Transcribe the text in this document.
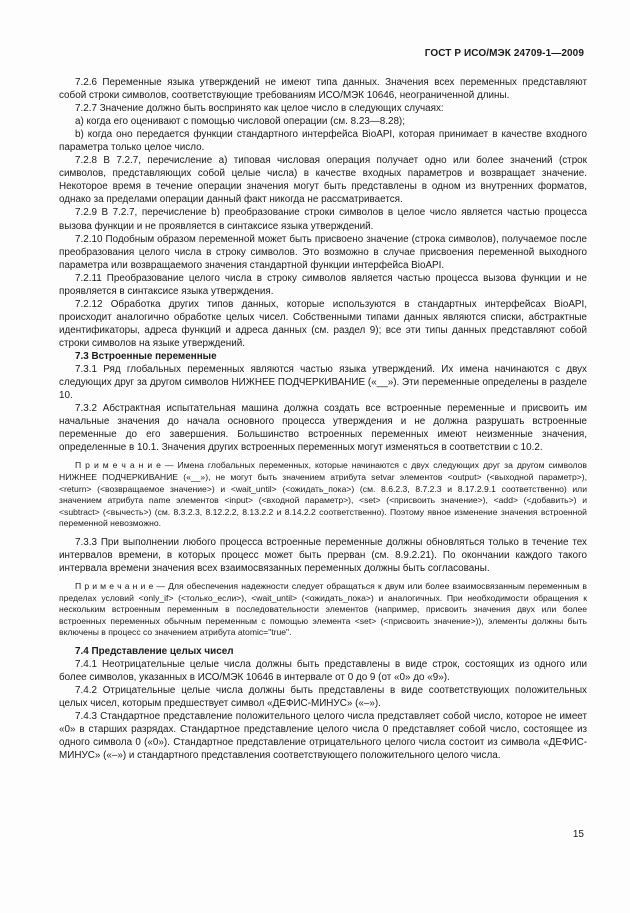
ГОСТ Р ИСО/МЭК 24709-1—2009

7.2.6 Переменные языка утверждений не имеют типа данных. Значения всех переменных представляют собой строки символов, соответствующие требованиям ИСО/МЭК 10646, неограниченной длины.

7.2.7 Значение должно быть воспринято как целое число в следующих случаях:

a) когда его оценивают с помощью числовой операции (см. 8.23—8.28);

b) когда оно передается функции стандартного интерфейса BioAPI, которая принимает в качестве входного параметра только целое число.

7.2.8 В 7.2.7, перечисление а) типовая числовая операция получает одно или более значений (строк символов, представляющих собой целые числа) в качестве входных параметров и возвращает значение. Некоторое время в течение операции значения могут быть представлены в одном из внутренних форматов, однако за пределами операции данный факт никогда не рассматривается.

7.2.9 В 7.2.7, перечисление b) преобразование строки символов в целое число является частью процесса вызова функции и не проявляется в синтаксисе языка утверждений.

7.2.10 Подобным образом переменной может быть присвоено значение (строка символов), получаемое после преобразования целого числа в строку символов. Это возможно в случае присвоения переменной выходного параметра или возвращаемого значения стандартной функции интерфейса BioAPI.

7.2.11 Преобразование целого числа в строку символов является частью процесса вызова функции и не проявляется в синтаксисе языка утверждения.

7.2.12 Обработка других типов данных, которые используются в стандартных интерфейсах BioAPI, происходит аналогично обработке целых чисел. Собственными типами данных являются списки, абстрактные идентификаторы, адреса функций и адреса данных (см. раздел 9); все эти типы данных представляют собой строки символов на языке утверждений.

7.3 Встроенные переменные

7.3.1 Ряд глобальных переменных являются частью языка утверждений. Их имена начинаются с двух следующих друг за другом символов НИЖНЕЕ ПОДЧЕРКИВАНИЕ («__»). Эти переменные определены в разделе 10.

7.3.2 Абстрактная испытательная машина должна создать все встроенные переменные и присвоить им начальные значения до начала основного процесса утверждения и не должна разрушать встроенные переменные до его завершения. Большинство встроенных переменных имеют неизменные значения, определенные в 10.1. Значения других встроенных переменных могут изменяться в соответствии с 10.2.

П р и м е ч а н и е — Имена глобальных переменных, которые начинаются с двух следующих друг за другом символов НИЖНЕЕ ПОДЧЕРКИВАНИЕ («__»), не могут быть значением атрибута setvar элементов <output> (<выходной параметр>), <return> (<возвращаемое значение>) и <wait_until> (<ожидать_пока>) (см. 8.6.2.3, 8.7.2.3 и 8.17.2.9.1 соответственно) или значением атрибута name элементов <input> (<входной параметр>), <set> (<присвоить значение>), <add> (<добавить>) и <subtract> (<вычесть>) (см. 8.3.2.3, 8.12.2.2, 8.13.2.2 и 8.14.2.2 соответственно). Поэтому явное изменение значения встроенной переменной невозможно.

7.3.3 При выполнении любого процесса встроенные переменные должны обновляться только в течение тех интервалов времени, в которых процесс может быть прерван (см. 8.9.2.21). По окончании каждого такого интервала времени значения всех взаимосвязанных переменных должны быть согласованы.

П р и м е ч а н и е — Для обеспечения надежности следует обращаться к двум или более взаимосвязанным переменным в пределах условий <only_if> (<только_если>), <wait_until> (<ожидать_пока>) и аналогичных. При необходимости обращения к нескольким встроенным переменным в последовательности элементов (например, присвоить значения двух или более встроенных переменных обычным переменным с помощью элемента <set> (<присвоить значение>)), элементы должны быть включены в процесс со значением атрибута atomic="true".

7.4 Представление целых чисел

7.4.1 Неотрицательные целые числа должны быть представлены в виде строк, состоящих из одного или более символов, указанных в ИСО/МЭК 10646 в интервале от 0 до 9 (от «0» до «9»).

7.4.2 Отрицательные целые числа должны быть представлены в виде соответствующих положительных целых чисел, которым предшествует символ «ДЕФИС-МИНУС» («–»).

7.4.3 Стандартное представление положительного целого числа представляет собой число, которое не имеет «0» в старших разрядах. Стандартное представление целого числа 0 представляет собой число, состоящее из одного символа 0 («0»). Стандартное представление отрицательного целого числа состоит из символа «ДЕФИС-МИНУС» («–») и стандартного представления соответствующего положительного целого числа.

15
